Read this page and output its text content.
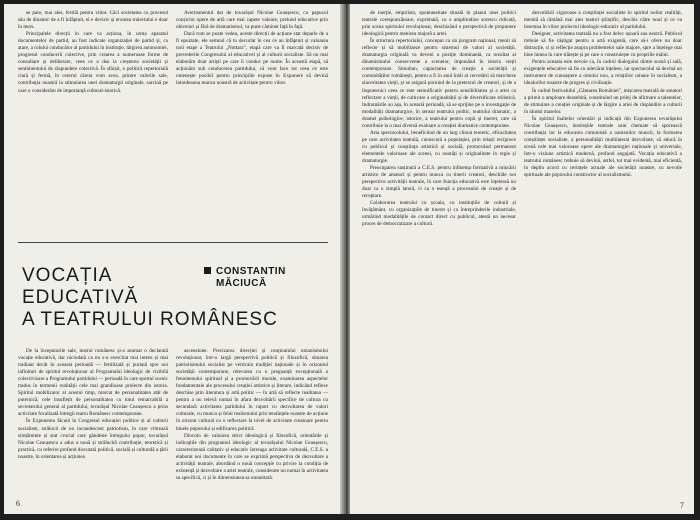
se pare, mai ales, fertilă pentru viitor. Căci societatea cu procesul său de dinamic de a fi înfăptuit, el e decisiv și eroarea traiectului e doar în mers.

Principalele direcții în care va acționa, în urma aparatul documentelor de partid, au fost indicate organizației de partid și, ca atare, a rolului conducător al partidului în instituție, lărgirea autonomiei, progresul conducerii colective, prin crearea a numeroase forme de consultare și deliberare, ceea ce a dus la creșterea societății și sentimentului de răspundere colectivă. În sfârșit, o politică repertorială clară și fermă, în centrul căreia vom avea, printre valorile sale, contribuția noastră la stimularea unei dramaturgii originale, sarcină pe care o considerăm de importanță cultural-istorică.

Avertismentul dat de tovarășul Nicolae Ceaușescu, cu papucul conșiclui opere de artă care mai capete valoare, prelund educative prin obiceiuri și fără de dramatismul, va pune căminet față în față.

Dacă rum se poate vedea, aceste direcții de acțiune stat deparle de a fi epuizate, ele semnul că tu decurlat în cea ce au înfăptuit și valoarea noii etape a Teatrului „Nottara”, etapă care va fi marcată decisiv de prevederile Congresului al educativei și al culturii socialiste. Să nu mai elaborăm doar artiști pe care îi conduc pe nume. În această etapă, să acționăm sub conducerea partidului, că vom face tot ceea ce este omenește posibil pentru principiile expuse în Expunere să devină întotdeauna munca noastră de activitate pentru viitor.

VOCAȚIA
EDUCATIVĂ
A TEATRULUI ROMÂNESC
CONSTANTIN
MĂCIUCĂ

De la începuturile sale, teatrul românesc și-a asumat o declarată vocație educativă, dar niciodată ca nu s-a exercitat mai intens și mai tradiant decât în aceasta perioadă — fertilizată și purtată spre noi infinituri de spiritul revoluționar al Programului ideologic de vizibilă colectivizare a Programului partidului — perioadă în care sportul scenic tradus în termenii realității cele mai grandioase proiecte din istoria. Spiritul mobilizator al acestui timp, marcat de personalitatea atât de puternică, cele însuflețit de personalitatea cu totul remarcabilă a secretarului general al partidului, tovarășul Nicolae Ceaușescu a prins activitate focalizată întregii teatru Românesc contemporane.

În Expunerea făcută la Congresul educației politice și al culturii socialiste, strălucit de un incandescent patriotism, în care vibrează simțăminte și stat crucial care gândeste întregului popor, tovarășul Nicolae Ceaușescu a adus a nouă și strălucită contribuție, teoretică și practică, cu referire profund discutată politică, socială și culturală a țării noastre, în orientarea și acțiunea

ascensiune. Precizarea direcției și conținutului umanismului revoluționar, într-o largă perspectivă politică și filozofică, situarea patriotismului socialist pe verticala tradiției naționale și în orizontul societății contemporane, relevarea cu o pregnanță excepțională a fenomenului spiritual și a promovării morale, examinarea aspectelor fundamentale ale procesului creației artistice și literare, indicând reflexe deschise prin literatura și artă politic — în artă să reflecte realitatea — pentru a nu relevă numai în afara dezvoltării specifice de cultura cu secundară activitatea partidului în raport cu dezvoltarea de valori culturale, cu munca și felul realismului prin tendințele noastre de acțiune în orizont cultural cu o reflectare la nivel de activitate creatoare pentru binele poporului și edificarea politică.

Dincolo de valoarea strict ideologică și filozofică, orientările și indicațiile din programul ideologic al tovarășului Nicolae Ceaușescu, caracterizează calitativ și educativ întreaga activitate culturală, C.E.S. a elaborat noi documente în care se exprimă perspectiva de dezvoltare a activității teatrale, abordând o nouă concepție cu privire la condiția de existență și dezvoltare a artei teatrale, considerate nu numai în activitatea sa specifică, ci și în dimensiunea sa umanitară.

6

de inerție, empirism, spontaneitate situată în planul unei politici teatrale corespunzătoare, exprimată, cu o amplitudine sorescu ridicată, prin scena spiritului revoluționar, deschizând o perspectivă de propunere ideologică pentru menirea majoră a artei.

În structura repertoriului, conceput ca un program național, menit să reflecte și să mobilizeze pentru sistemul de valori al societății, dramaturgia originală va deveni a poziție dominantă, ca rezultat al dinamismului consecvente a scenelor, impunând în istoria vieții contemporane. Simultan, capacitatea de creație a societății și comunităților românești, pentru a fi în anul întâi al cercetării să marcheze sinceritatea vieții, și se asigură pornind de la pretextul de creatori, și de a împuternici ceea ce este semnificativ pentru sensibilitatea și a artei ca reflectare a vieții, de cultivare a originalității și de diversificare stilistică. Indrumările au așa, în această perioadă, să se sprijine pe o investigație de modalități dramaturgice, în sensul teatrului politic, teatrului dramatic, a dramei psihologice, istorice, a teatrului pentru copii și tineret, care să contribuie la o mai diversă evaluare a creației dramatice contemporane.

Arta spectacolului, beneficiind de un larg climat teoretic, eficacitatea pe care activitatea teatrală, cunoscută a populației, prin relații reciproce cu publicul și conștiința artistică și socială, promovând permanent elementele valoroase ale scenei, cu noutăți și originalitate în regie și dramaturgie.

Preocuparea susținută a C.E.S. pentru influența formativă a mișcării artistice de amatori și pentru munca cu tinerii creatori, deschide noi perspective activității teatrale, în care funcția educativă este înțeleasă nu doar ca o simplă latură, ci ca o esență a procesului de creație și de receptare.

Colaborarea teatrului cu școala, cu instituțiile de cultură și învățământ, cu organizațiile de tineret și cu întreprinderile industriale, urmărind modalitățile de contact direct cu publicul, atestă un necesar proces de democratizare a culturii.

dezvoltării viguroase a conștiinței socialiste în spiritul noilor realități, menită să rămână mai ales teatrul științific, deschis către noul și ce va însemna în viitor proiectul ideologic-educativ al partidului.

Designer, activitatea teatrală nu a fost deloc ușoară sau neutră. Publicul trebuie să fie câștigat pentru o artă exigentă, care să-i ofere nu doar distracție, ci și reflecție asupra problemelor sale majore, spre a înțelege mai bine lumea în care trăiește și pe care o construiește cu propriile mâini.

Pentru aceasta este nevoie ca, în cadrul dialogului dintre scenă și sală, exigențele educative să fie cu adevărat înțelese, iar spectacolul să devină un instrument de cunoaștere a omului nou, a relațiilor umane în socialism, a idealurilor noastre de progres și civilizație.

În cadrul festivalului „Cântarea României”, mișcarea teatrală de amatori a primit o amploare deosebită, constituind un prilej de afirmare a talentelor, de stimulare a creației originale și de lărgire a ariei de răspândire a culturii în rândul maselor.

În spiritul înaltelor orientări și indicații din Expunerea tovarășului Nicolae Ceaușescu, instituțiile teatrale sunt chemate să sporească contribuția lor la educarea comunistă a oamenilor muncii, la formarea conștiinței socialiste, a personalității multilateral dezvoltate, să aducă în scenă cele mai valoroase opere ale dramaturgiei naționale și universale, într-o viziune artistică modernă, profund angajată. Vocația educativă a teatrului românesc trebuie să devină, astfel, tot mai evidentă, mai eficientă, în deplin acord cu cerințele actuale ale societății noastre, cu nevoile spirituale ale poporului constructor al socialismului.

7
